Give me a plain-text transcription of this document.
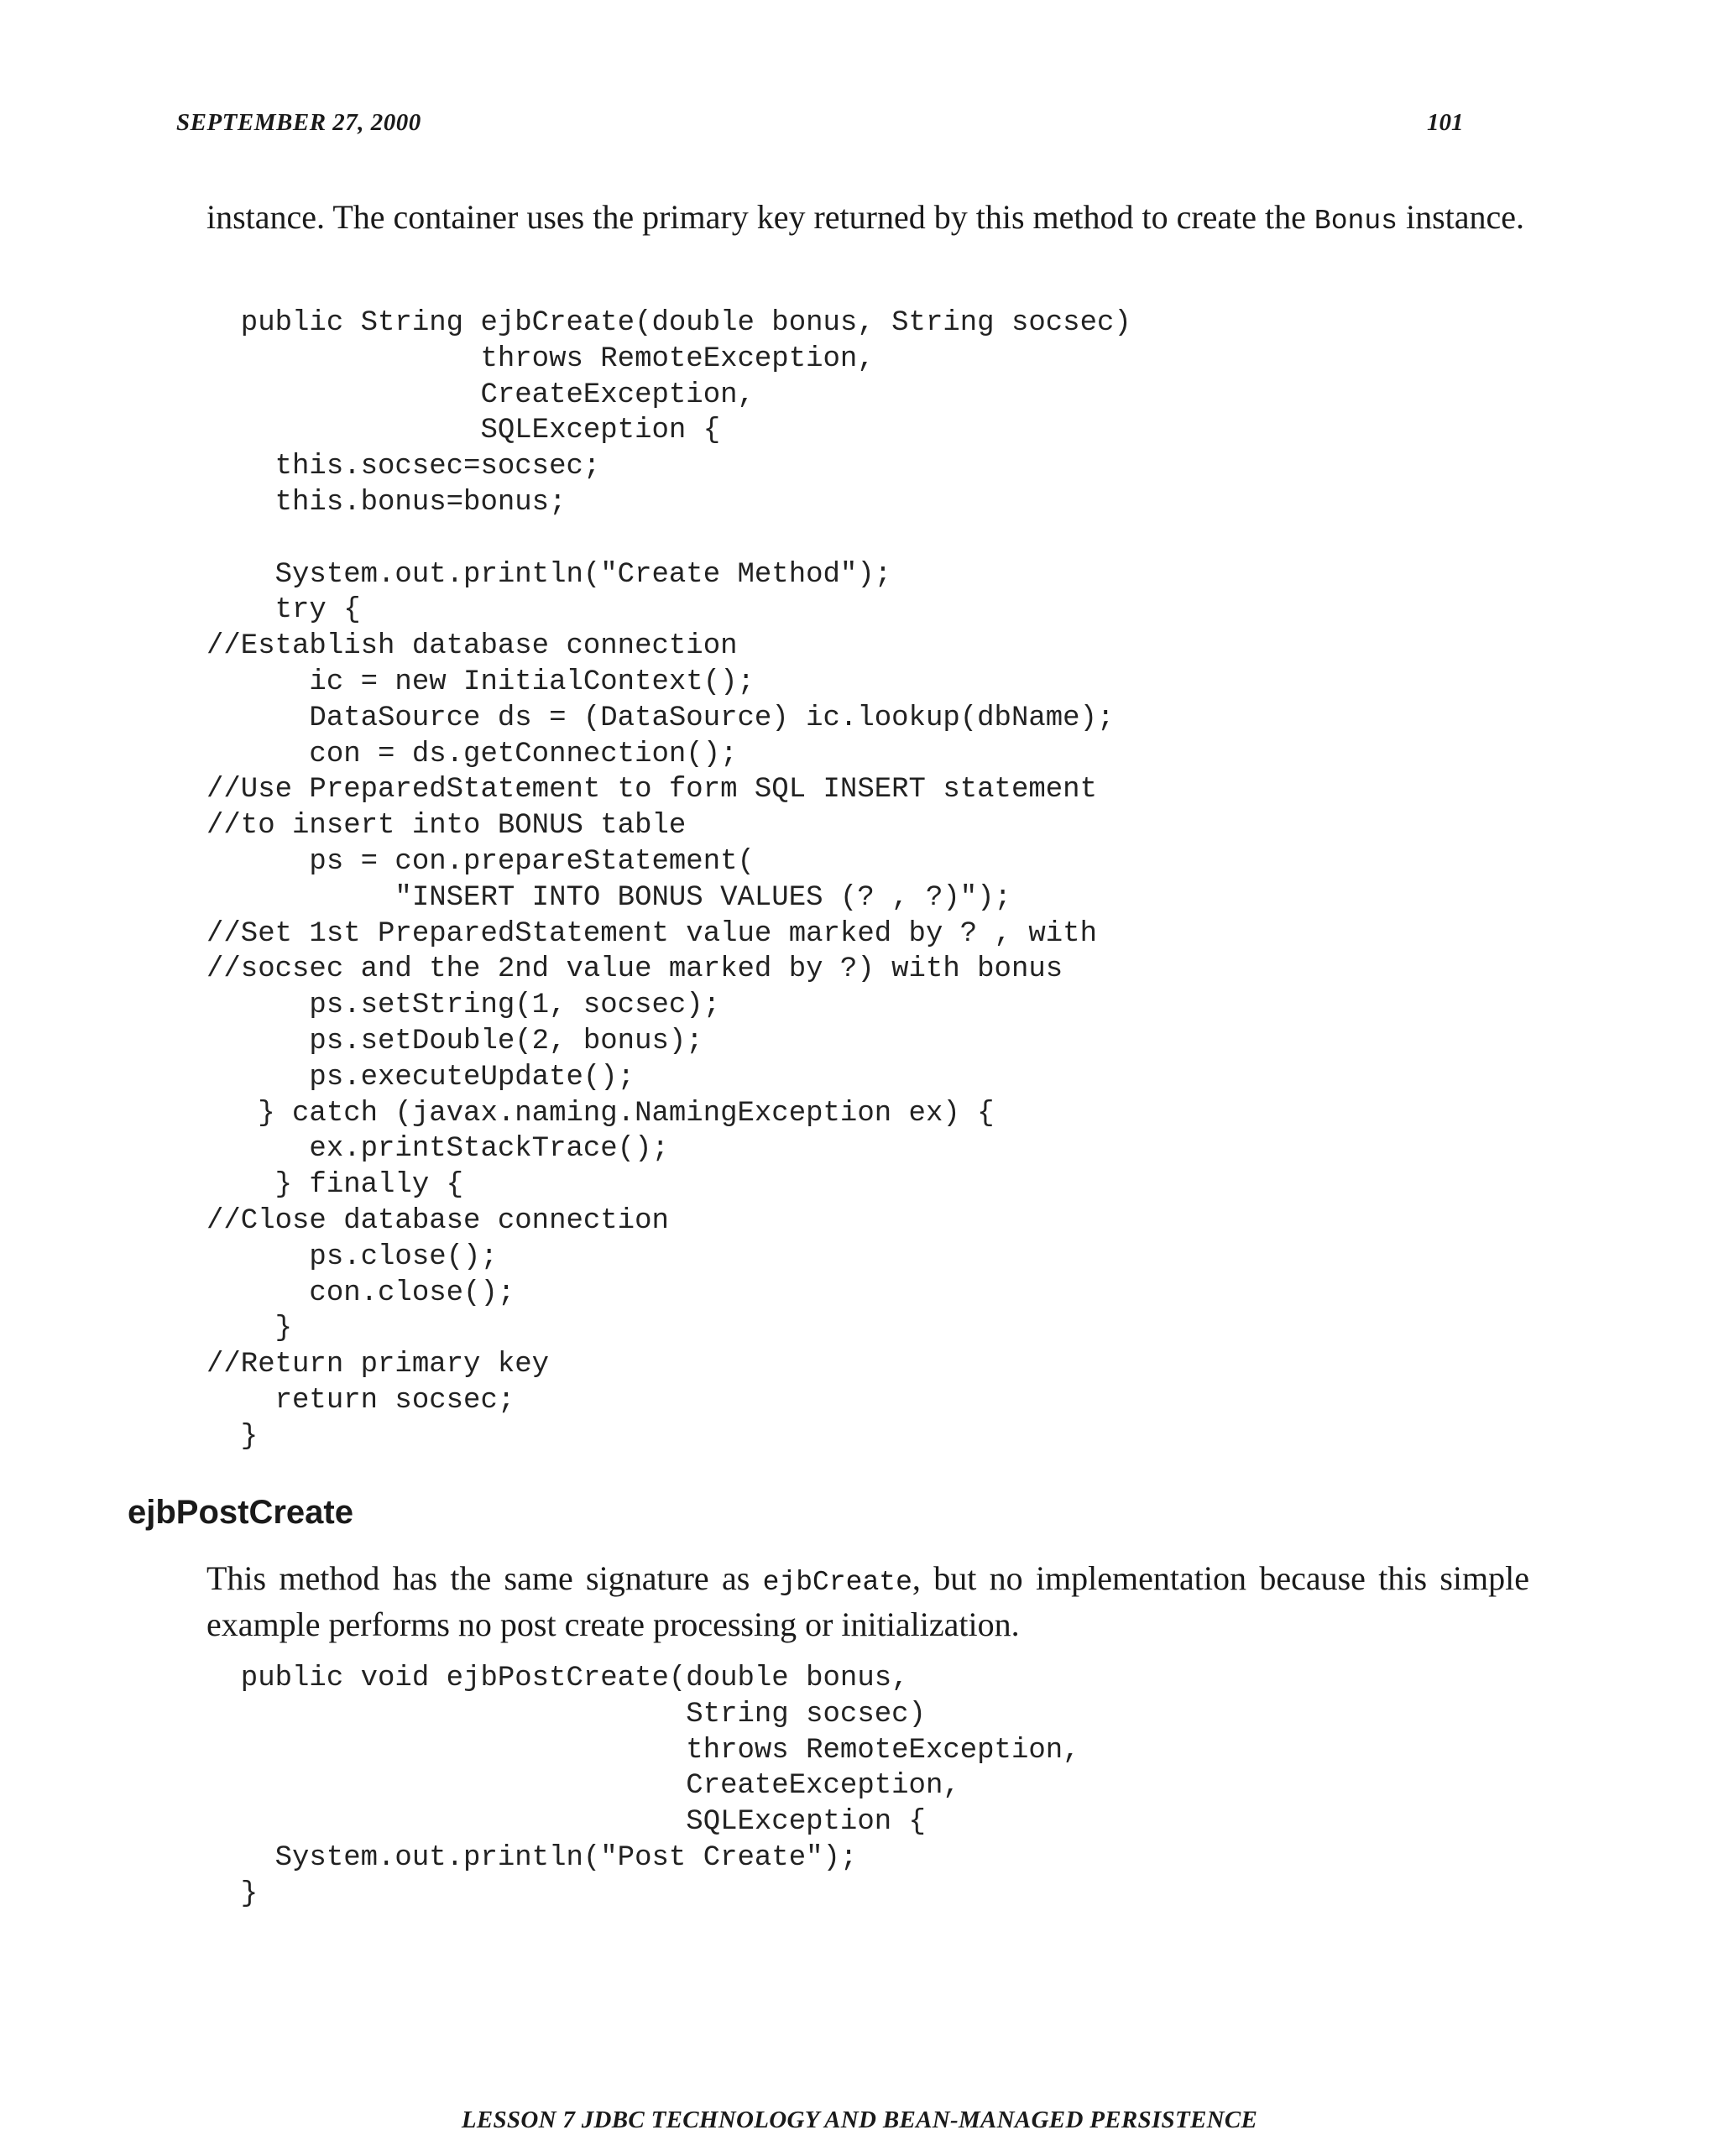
SEPTEMBER 27, 2000	101

instance. The container uses the primary key returned by this method to create the Bonus instance.

public String ejbCreate(double bonus, String socsec)
throws RemoteException,
CreateException,
SQLException {
this.socsec=socsec;
this.bonus=bonus;

System.out.println("Create Method");
try {
//Establish database connection
ic = new InitialContext();
DataSource ds = (DataSource) ic.lookup(dbName);
con = ds.getConnection();
//Use PreparedStatement to form SQL INSERT statement
//to insert into BONUS table
ps = con.prepareStatement(
"INSERT INTO BONUS VALUES (? , ?)");
//Set 1st PreparedStatement value marked by ? , with
//socsec and the 2nd value marked by ?) with bonus
ps.setString(1, socsec);
ps.setDouble(2, bonus);
ps.executeUpdate();
} catch (javax.naming.NamingException ex) {
ex.printStackTrace();
} finally {
//Close database connection
ps.close();
con.close();
}
//Return primary key
return socsec;
}
ejbPostCreate

This method has the same signature as ejbCreate, but no implementation because this simple example performs no post create processing or initialization.

public void ejbPostCreate(double bonus,
String socsec)
throws RemoteException,
CreateException,
SQLException {
System.out.println("Post Create");
}
LESSON 7 JDBC TECHNOLOGY AND BEAN-MANAGED PERSISTENCE
